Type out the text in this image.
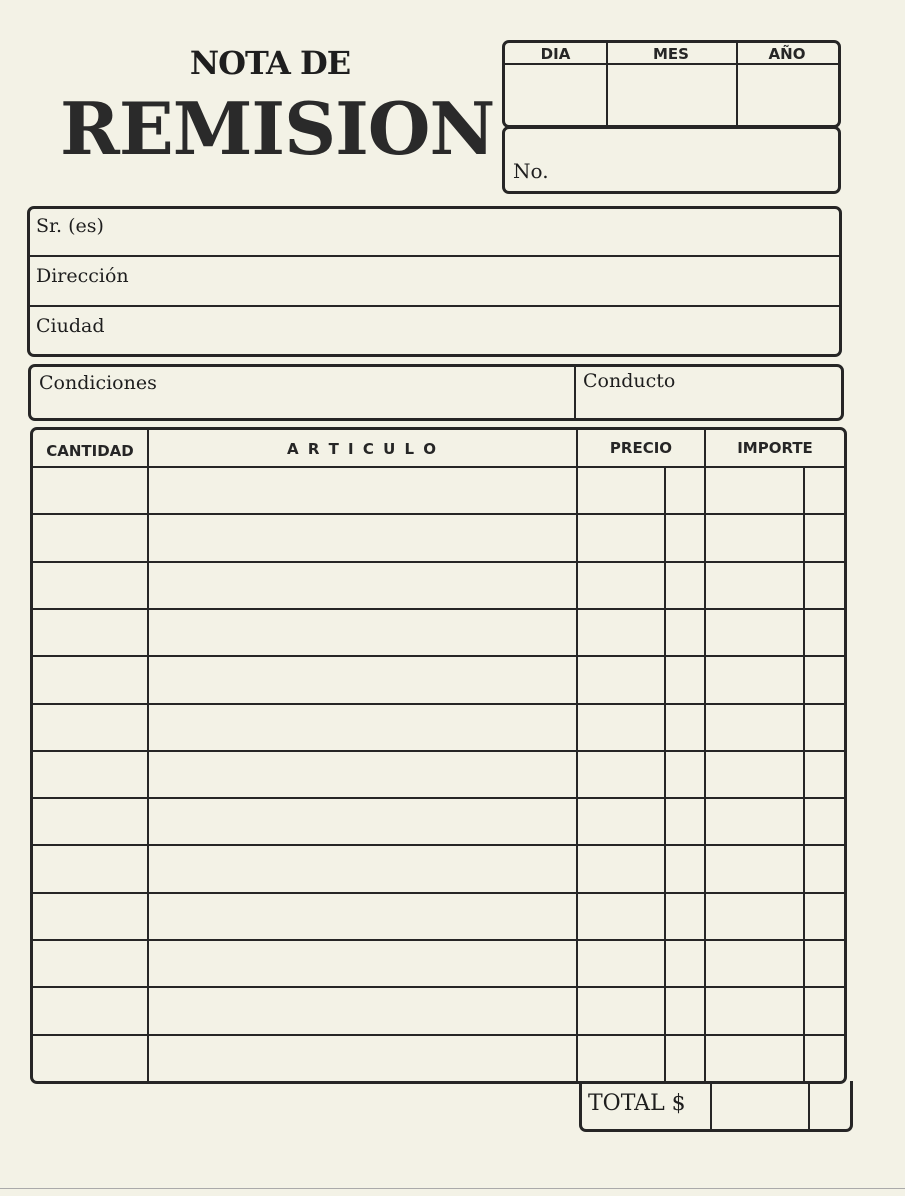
NOTA DE
REMISION
DIA	MES	AÑO
No.
Sr. (es)
Dirección
Ciudad
Condiciones	Conducto
CANTIDAD	A R T I C U L O	PRECIO	IMPORTE
TOTAL $
